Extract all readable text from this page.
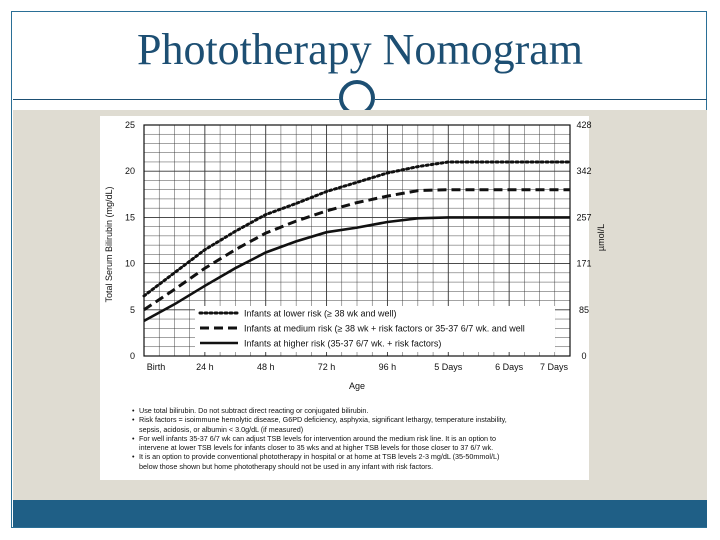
Phototherapy Nomogram
0
5
10
15
20
25
0
85
171
257
342
428
Birth	24 h	48 h	72 h	96 h	5 Days	6 Days 7 Days
Age
Total Serum Bilirubin (mg/dL)	µmol/L
Infants at lower risk (≥ 38 wk and well)
Infants at medium risk (≥ 38 wk + risk factors or 35-37 6/7 wk. and well
Infants at higher risk (35-37 6/7 wk. + risk factors)
• Use total bilirubin. Do not subtract direct reacting or conjugated bilirubin.
• Risk factors = isoimmune hemolytic disease, G6PD deficiency, asphyxia, significant lethargy, temperature instability,
sepsis, acidosis, or albumin < 3.0g/dL (if measured)
• For well infants 35-37 6/7 wk can adjust TSB levels for intervention around the medium risk line. It is an option to
intervene at lower TSB levels for infants closer to 35 wks and at higher TSB levels for those closer to 37 6/7 wk.
• It is an option to provide conventional phototherapy in hospital or at home at TSB levels 2-3 mg/dL (35-50mmol/L)
below those shown but home phototherapy should not be used in any infant with risk factors.
